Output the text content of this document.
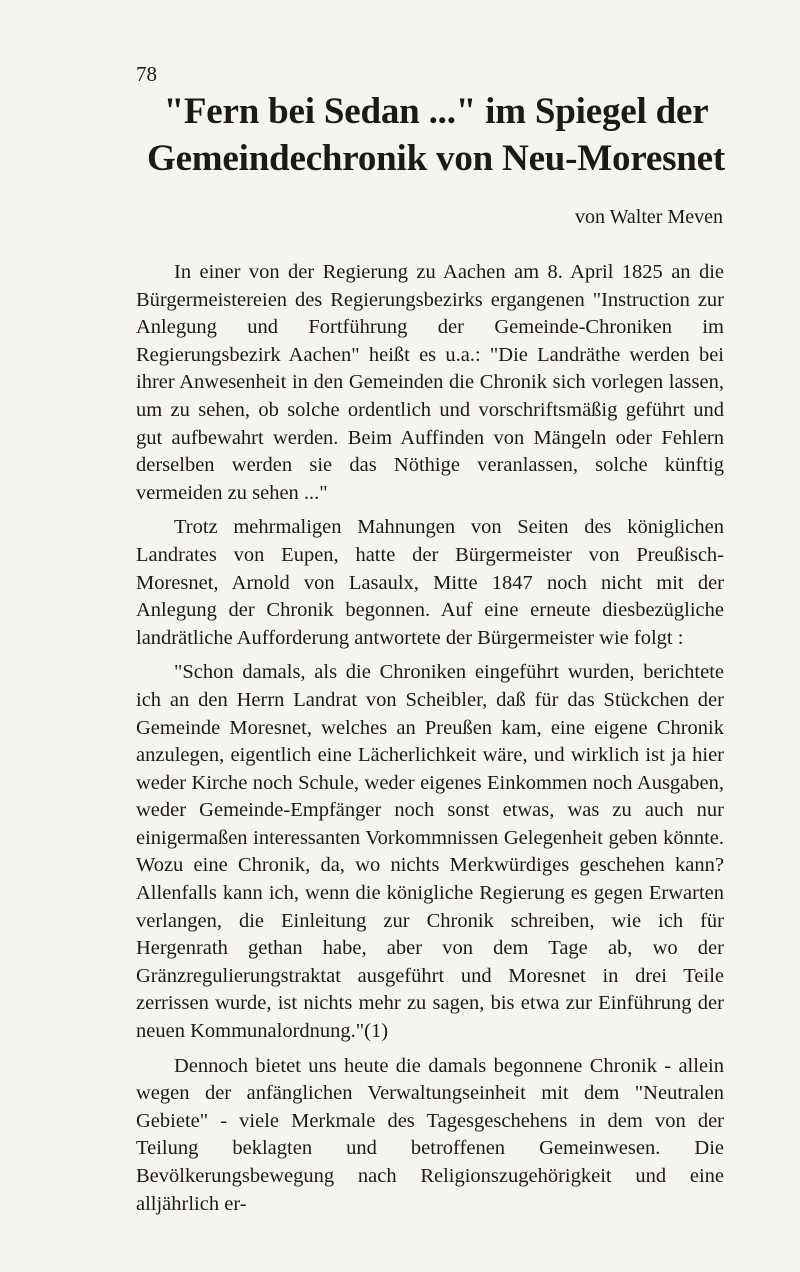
78
"Fern bei Sedan ..." im Spiegel der
Gemeindechronik von Neu-Moresnet
von Walter Meven

In einer von der Regierung zu Aachen am 8. April 1825 an die Bürgermeistereien des Regierungsbezirks ergangenen "Instruction zur Anlegung und Fortführung der Gemeinde-Chroniken im Regierungsbezirk Aachen" heißt es u.a.: "Die Landräthe werden bei ihrer Anwesenheit in den Gemeinden die Chronik sich vorlegen lassen, um zu sehen, ob solche ordentlich und vorschriftsmäßig geführt und gut aufbewahrt werden. Beim Auffinden von Mängeln oder Fehlern derselben werden sie das Nöthige veranlassen, solche künftig vermeiden zu sehen ..."

Trotz mehrmaligen Mahnungen von Seiten des königlichen Landrates von Eupen, hatte der Bürgermeister von Preußisch-Moresnet, Arnold von Lasaulx, Mitte 1847 noch nicht mit der Anlegung der Chronik begonnen. Auf eine erneute diesbezügliche landrätliche Aufforderung antwortete der Bürgermeister wie folgt :

"Schon damals, als die Chroniken eingeführt wurden, berichtete ich an den Herrn Landrat von Scheibler, daß für das Stückchen der Gemeinde Moresnet, welches an Preußen kam, eine eigene Chronik anzulegen, eigentlich eine Lächerlichkeit wäre, und wirklich ist ja hier weder Kirche noch Schule, weder eigenes Einkommen noch Ausgaben, weder Gemeinde-Empfänger noch sonst etwas, was zu auch nur einigermaßen interessanten Vorkommnissen Gelegenheit geben könnte. Wozu eine Chronik, da, wo nichts Merkwürdiges geschehen kann? Allenfalls kann ich, wenn die königliche Regierung es gegen Erwarten verlangen, die Einleitung zur Chronik schreiben, wie ich für Hergenrath gethan habe, aber von dem Tage ab, wo der Gränzregulierungstraktat ausgeführt und Moresnet in drei Teile zerrissen wurde, ist nichts mehr zu sagen, bis etwa zur Einführung der neuen Kommunalordnung."(1)

Dennoch bietet uns heute die damals begonnene Chronik - allein wegen der anfänglichen Verwaltungseinheit mit dem "Neutralen Gebiete" - viele Merkmale des Tagesgeschehens in dem von der Teilung beklagten und betroffenen Gemeinwesen. Die Bevölkerungsbewegung nach Religionszugehörigkeit und eine alljährlich er-
